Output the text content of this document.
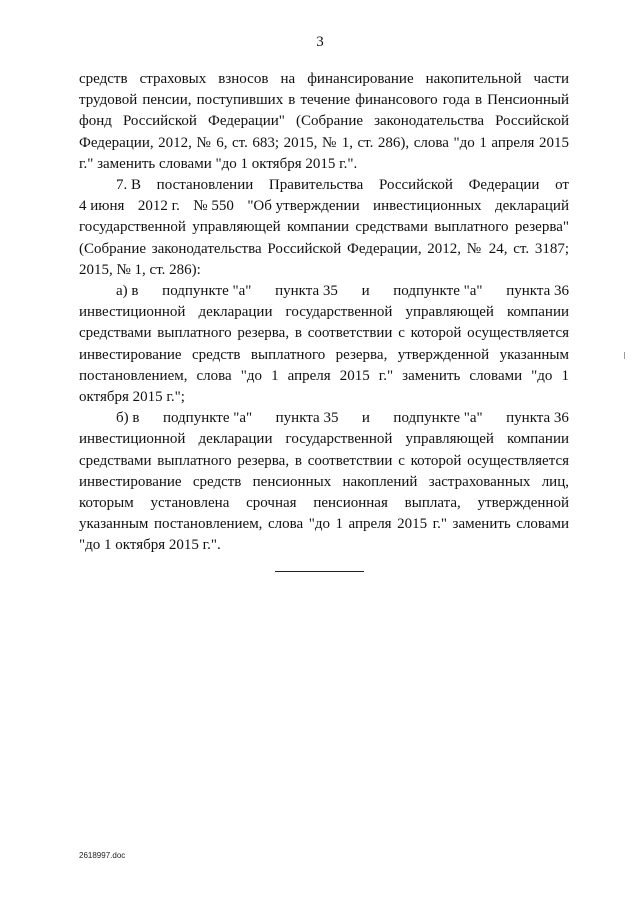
3

средств страховых взносов на финансирование накопительной части трудовой пенсии, поступивших в течение финансового года в Пенсионный фонд Российской Федерации" (Собрание законодательства Российской Федерации, 2012, № 6, ст. 683; 2015, № 1, ст. 286), слова "до 1 апреля 2015 г." заменить словами "до 1 октября 2015 г.".

7. В постановлении Правительства Российской Федерации от
4 июня 2012 г. № 550 "Об утверждении инвестиционных деклараций

государственной управляющей компании средствами выплатного резерва" (Собрание законодательства Российской Федерации, 2012, № 24, ст. 3187; 2015, № 1, ст. 286):

а) в подпункте "а" пункта 35 и подпункте "а" пункта 36

инвестиционной декларации государственной управляющей компании средствами выплатного резерва, в соответствии с которой осуществляется инвестирование средств выплатного резерва, утвержденной указанным постановлением, слова "до 1 апреля 2015 г." заменить словами "до 1 октября 2015 г.";

б) в подпункте "а" пункта 35 и подпункте "а" пункта 36

инвестиционной декларации государственной управляющей компании средствами выплатного резерва, в соответствии с которой осуществляется инвестирование средств пенсионных накоплений застрахованных лиц, которым установлена срочная пенсионная выплата, утвержденной указанным постановлением, слова "до 1 апреля 2015 г." заменить словами "до 1 октября 2015 г.".

2618997.doc
